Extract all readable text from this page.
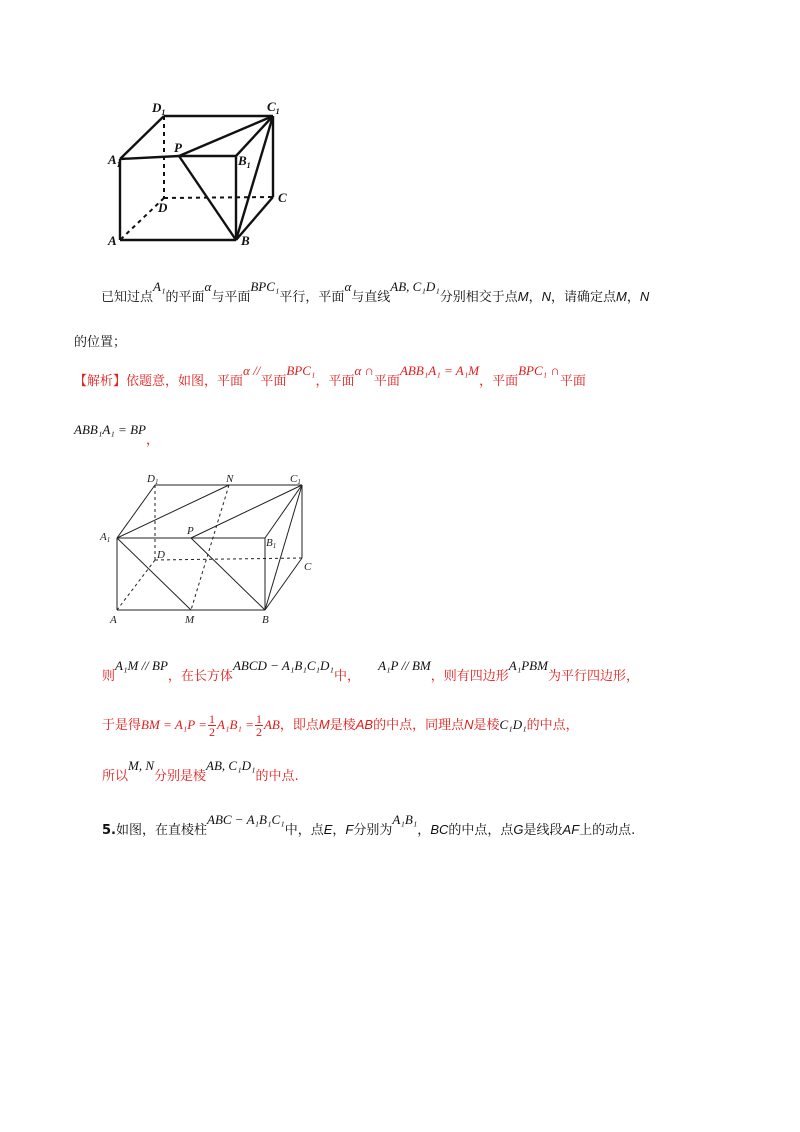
$D_1$	$C_1$
$A_1$
P
$B_1$
C
D
A	B
已知过点A₁的平面α与平面BPC₁平行，平面α与直线AB, C₁D₁分别相交于点M，N，请确定点M，N
的位置；
【解析】依题意，如图，平面α //平面BPC₁，平面α ∩平面ABB₁A₁ = A₁M，平面BPC₁ ∩平面
ABB₁A₁ = BP，
D1	N	C1
A1
P
B1
D
C
A	M	B
则A₁M // BP，在长方体ABCD − A₁B₁C₁D₁中， A₁P // BM，则有四边形A₁PBM为平行四边形，
于是得BM = $A_1P = \frac{1}{2} A_1B_1 = \frac{1}{2}$ AB，即点M是棱AB的中点，同理点N是棱C₁D₁的中点，
所以M, N分别是棱AB, C₁D₁的中点.
5.如图，在直棱柱ABC − A₁B₁C₁中，点E，F分别为A₁B₁，BC的中点，点G是线段AF上的动点.
